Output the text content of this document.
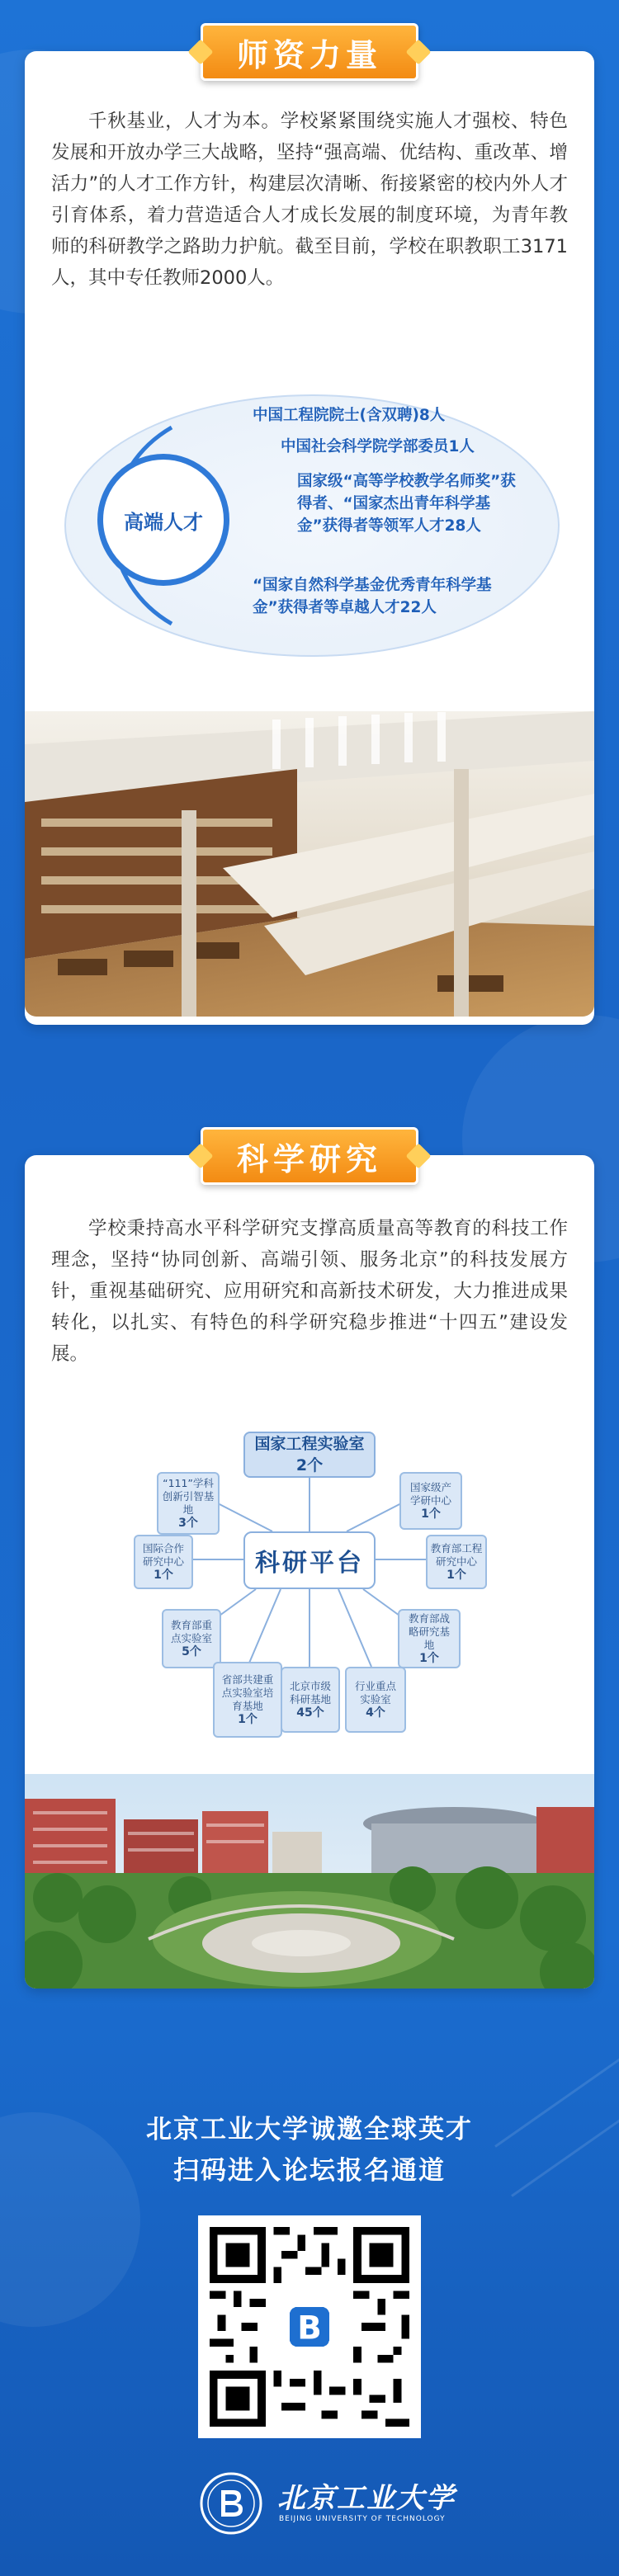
师资力量

千秋基业，人才为本。学校紧紧围绕实施人才强校、特色发展和开放办学三大战略，坚持“强高端、优结构、重改革、增活力”的人才工作方针，构建层次清晰、衔接紧密的校内外人才引育体系，着力营造适合人才成长发展的制度环境，为青年教师的科研教学之路助力护航。截至目前，学校在职教职工3171人，其中专任教师2000人。

高端人才
中国工程院院士(含双聘)8人
中国社会科学院学部委员1人
国家级“高等学校教学名师奖”获得者、“国家杰出青年科学基金”获得者等领军人才28人
“国家自然科学基金优秀青年科学基金”获得者等卓越人才22人
科学研究

学校秉持高水平科学研究支撑高质量高等教育的科技工作理念，坚持“协同创新、高端引领、服务北京”的科技发展方针，重视基础研究、应用研究和高新技术研发，大力推进成果转化，以扎实、有特色的科学研究稳步推进“十四五”建设发展。

国家工程实验室
2个
科研平台
“111”学科创新引智基地
3个
国家级产学研中心
1个
国际合作研究中心
1个
教育部工程研究中心
1个
教育部重点实验室
5个
教育部战略研究基地
1个
省部共建重点实验室培育基地
1个
北京市级科研基地
45个
行业重点实验室
4个
北京工业大学诚邀全球英才
扫码进入论坛报名通道
B
北京工业大学
BEIJING UNIVERSITY OF TECHNOLOGY
